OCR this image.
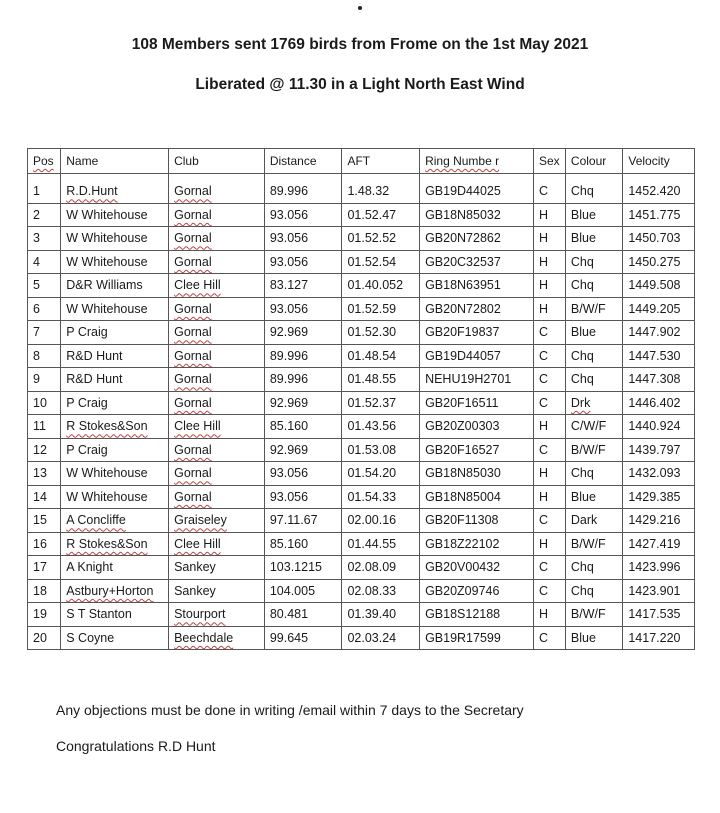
108 Members sent 1769 birds from Frome on the 1st May 2021
Liberated @ 11.30 in a Light North East Wind
Pos	Name	Club	Distance	AFT	Ring Numbe r	Sex	Colour	Velocity
1	R.D.Hunt	Gornal	89.996	1.48.32	GB19D44025	C	Chq	1452.420
2	W Whitehouse	Gornal	93.056	01.52.47	GB18N85032	H	Blue	1451.775
3	W Whitehouse	Gornal	93.056	01.52.52	GB20N72862	H	Blue	1450.703
4	W Whitehouse	Gornal	93.056	01.52.54	GB20C32537	H	Chq	1450.275
5	D&R Williams	Clee Hill	83.127	01.40.052	GB18N63951	H	Chq	1449.508
6	W Whitehouse	Gornal	93.056	01.52.59	GB20N72802	H	B/W/F	1449.205
7	P Craig	Gornal	92.969	01.52.30	GB20F19837	C	Blue	1447.902
8	R&D Hunt	Gornal	89.996	01.48.54	GB19D44057	C	Chq	1447.530
9	R&D Hunt	Gornal	89.996	01.48.55	NEHU19H2701	C	Chq	1447.308
10	P Craig	Gornal	92.969	01.52.37	GB20F16511	C	Drk	1446.402
11	R Stokes&Son	Clee Hill	85.160	01.43.56	GB20Z00303	H	C/W/F	1440.924
12	P Craig	Gornal	92.969	01.53.08	GB20F16527	C	B/W/F	1439.797
13	W Whitehouse	Gornal	93.056	01.54.20	GB18N85030	H	Chq	1432.093
14	W Whitehouse	Gornal	93.056	01.54.33	GB18N85004	H	Blue	1429.385
15	A Concliffe	Graiseley	97.11.67	02.00.16	GB20F11308	C	Dark	1429.216
16	R Stokes&Son	Clee Hill	85.160	01.44.55	GB18Z22102	H	B/W/F	1427.419
17	A Knight	Sankey	103.1215	02.08.09	GB20V00432	C	Chq	1423.996
18	Astbury+Horton	Sankey	104.005	02.08.33	GB20Z09746	C	Chq	1423.901
19	S T Stanton	Stourport	80.481	01.39.40	GB18S12188	H	B/W/F	1417.535
20	S Coyne	Beechdale	99.645	02.03.24	GB19R17599	C	Blue	1417.220
Any objections must be done in writing /email within 7 days to the Secretary
Congratulations R.D Hunt
